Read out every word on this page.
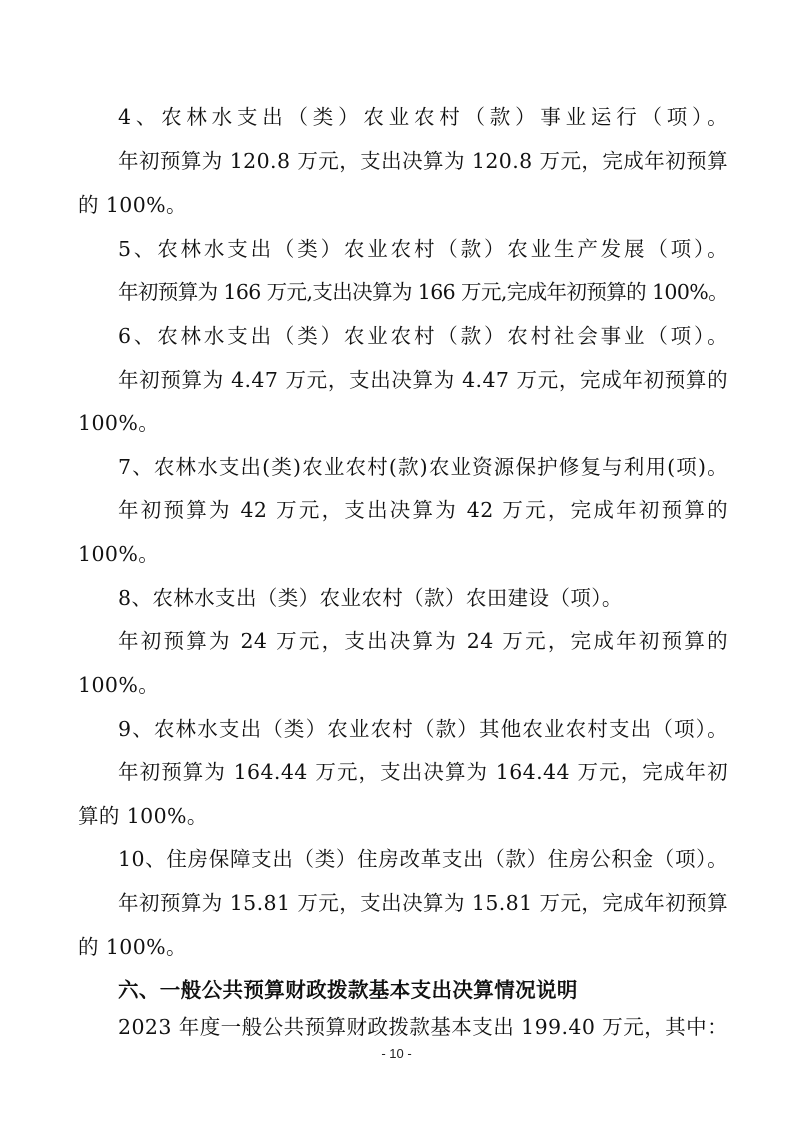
4、农林水支出（类）农业农村（款）事业运行（项）。
年初预算为 120.8 万元，支出决算为 120.8 万元，完成年初预算
的 100%。
5、农林水支出（类）农业农村（款）农业生产发展（项）。
年初预算为 166 万元,支出决算为 166 万元,完成年初预算的 100%。
6、农林水支出（类）农业农村（款）农村社会事业（项）。
年初预算为 4.47 万元，支出决算为 4.47 万元，完成年初预算的
100%。
7、农林水支出(类)农业农村(款)农业资源保护修复与利用(项)。
年初预算为 42 万元，支出决算为 42 万元，完成年初预算的
100%。
8、农林水支出（类）农业农村（款）农田建设（项）。
年初预算为 24 万元，支出决算为 24 万元，完成年初预算的
100%。
9、农林水支出（类）农业农村（款）其他农业农村支出（项）。
年初预算为 164.44 万元，支出决算为 164.44 万元，完成年初
算的 100%。
10、住房保障支出（类）住房改革支出（款）住房公积金（项）。
年初预算为 15.81 万元，支出决算为 15.81 万元，完成年初预算
的 100%。
六、一般公共预算财政拨款基本支出决算情况说明
2023 年度一般公共预算财政拨款基本支出 199.40 万元，其中：
- 10 -
